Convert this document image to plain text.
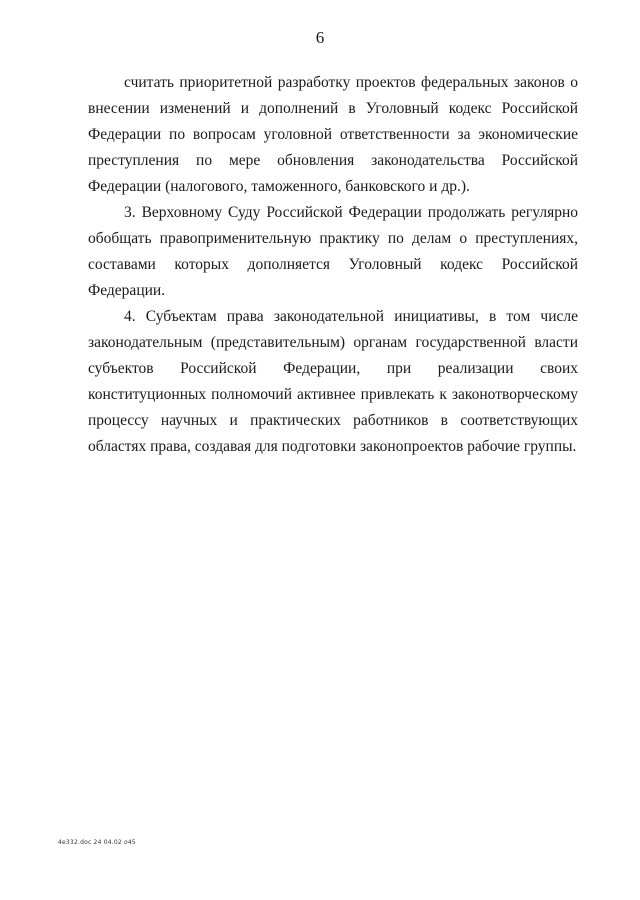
6

считать приоритетной разработку проектов федеральных законов о внесении изменений и дополнений в Уголовный кодекс Российской Федерации по вопросам уголовной ответственности за экономические преступления по мере обновления законодательства Российской Федерации (налогового, таможенного, банковского и др.).

3. Верховному Суду Российской Федерации продолжать регулярно обобщать правоприменительную практику по делам о преступлениях, составами которых дополняется Уголовный кодекс Российской Федерации.

4. Субъектам права законодательной инициативы, в том числе законодательным (представительным) органам государственной власти субъектов Российской Федерации, при реализации своих конституционных полномочий активнее привлекать к законотворческому процессу научных и практических работников в соответствующих областях права, создавая для подготовки законопроектов рабочие группы.

4е332.doc 24 04.02 о45
